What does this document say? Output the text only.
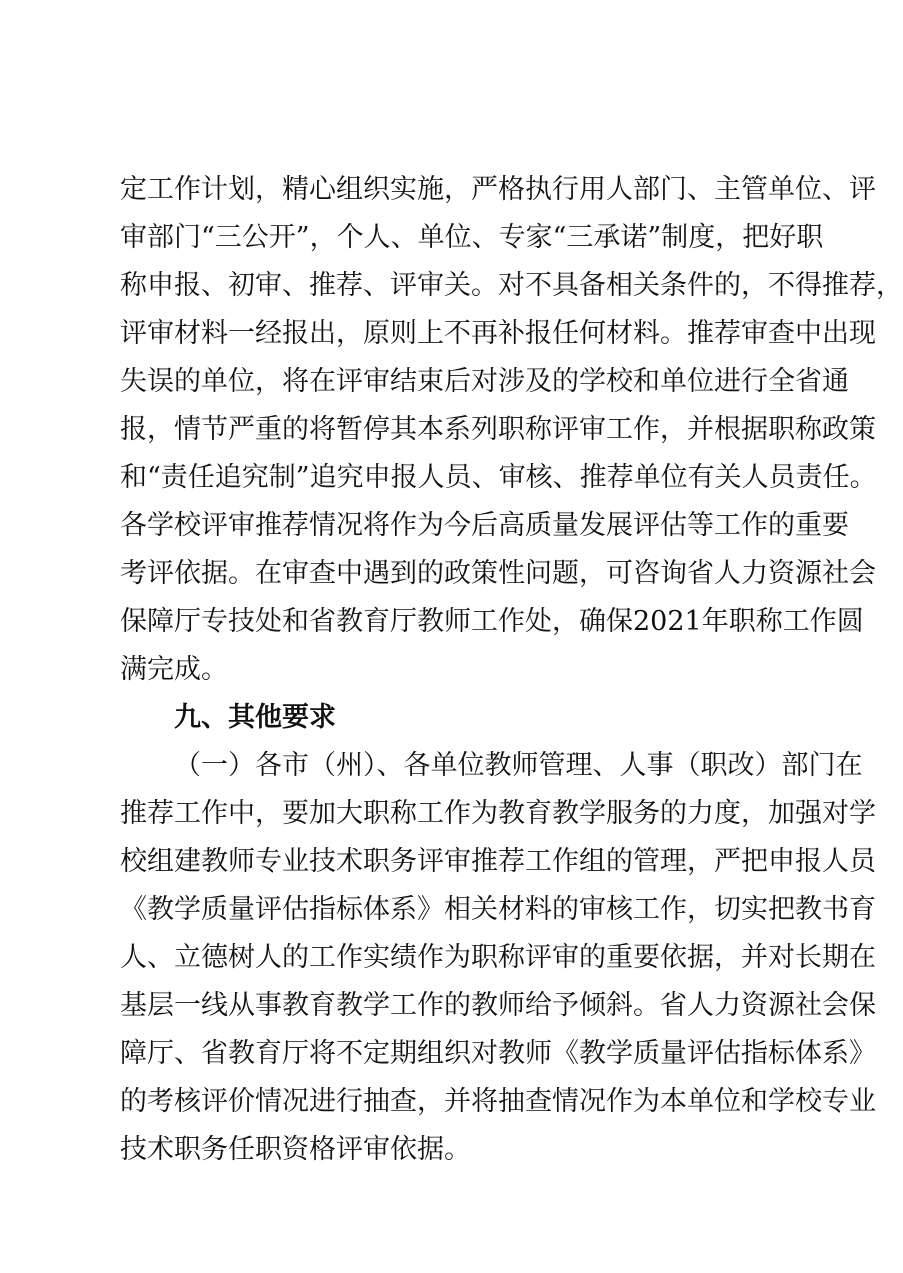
定工作计划，精心组织实施，严格执行用人部门、主管单位、评
审部门“三公开”，个人、单位、专家“三承诺”制度，把好职
称申报、初审、推荐、评审关。对不具备相关条件的，不得推荐，
评审材料一经报出，原则上不再补报任何材料。推荐审查中出现
失误的单位，将在评审结束后对涉及的学校和单位进行全省通
报，情节严重的将暂停其本系列职称评审工作，并根据职称政策
和“责任追究制”追究申报人员、审核、推荐单位有关人员责任。
各学校评审推荐情况将作为今后高质量发展评估等工作的重要
考评依据。在审查中遇到的政策性问题，可咨询省人力资源社会
保障厅专技处和省教育厅教师工作处，确保2021年职称工作圆
满完成。
九、其他要求
（一）各市（州）、各单位教师管理、人事（职改）部门在
推荐工作中，要加大职称工作为教育教学服务的力度，加强对学
校组建教师专业技术职务评审推荐工作组的管理，严把申报人员
《教学质量评估指标体系》相关材料的审核工作，切实把教书育
人、立德树人的工作实绩作为职称评审的重要依据，并对长期在
基层一线从事教育教学工作的教师给予倾斜。省人力资源社会保
障厅、省教育厅将不定期组织对教师《教学质量评估指标体系》
的考核评价情况进行抽查，并将抽查情况作为本单位和学校专业
技术职务任职资格评审依据。
